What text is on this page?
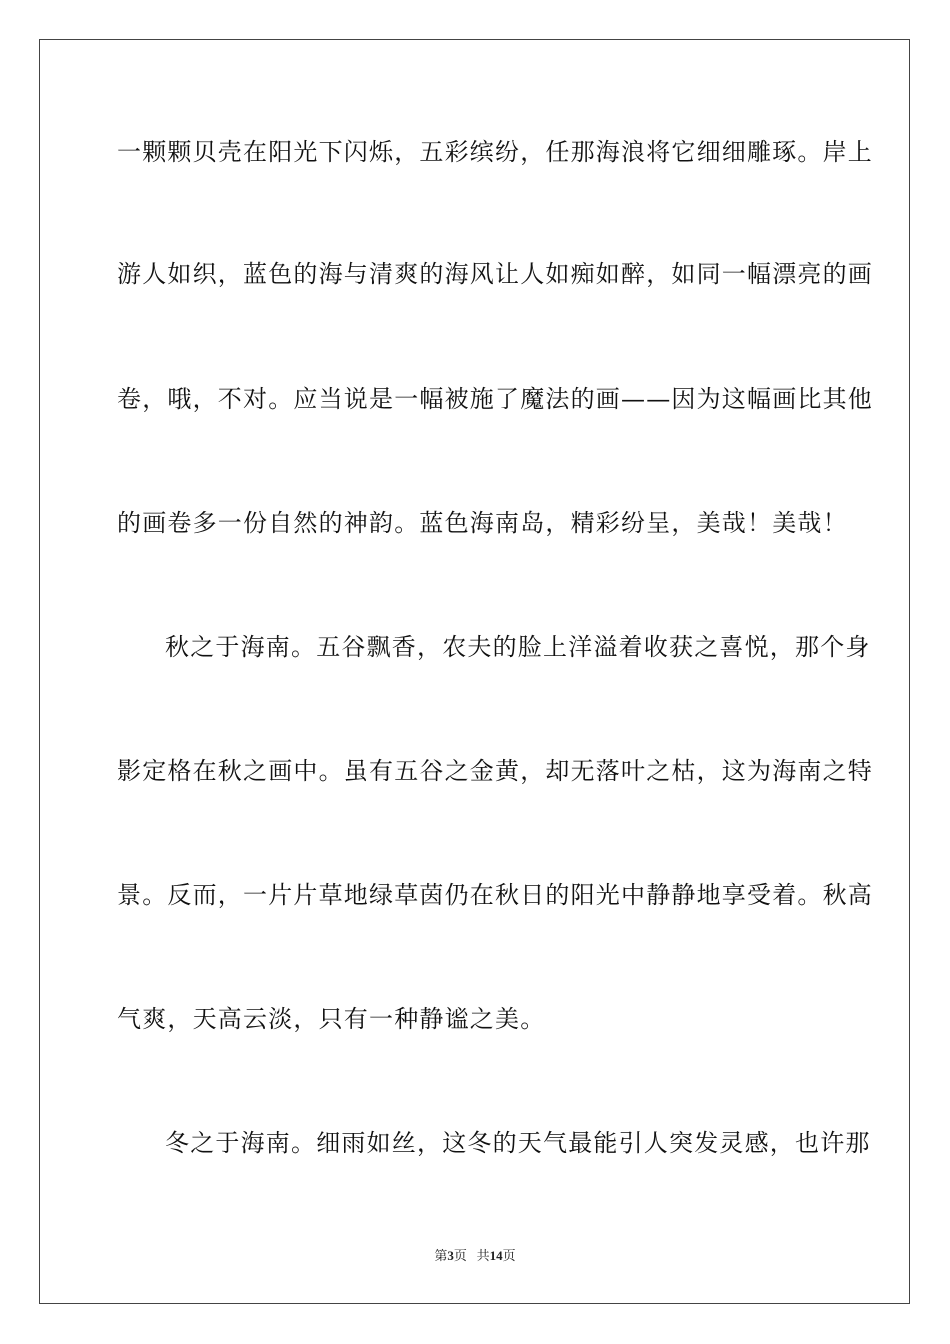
一颗颗贝壳在阳光下闪烁，五彩缤纷，任那海浪将它细细雕琢。岸上
游人如织，蓝色的海与清爽的海风让人如痴如醉，如同一幅漂亮的画
卷，哦，不对。应当说是一幅被施了魔法的画——因为这幅画比其他
的画卷多一份自然的神韵。蓝色海南岛，精彩纷呈，美哉！美哉！
秋之于海南。五谷飘香，农夫的脸上洋溢着收获之喜悦，那个身
影定格在秋之画中。虽有五谷之金黄，却无落叶之枯，这为海南之特
景。反而，一片片草地绿草茵仍在秋日的阳光中静静地享受着。秋高
气爽，天高云淡，只有一种静谧之美。
冬之于海南。细雨如丝，这冬的天气最能引人突发灵感，也许那
第3页 共14页
